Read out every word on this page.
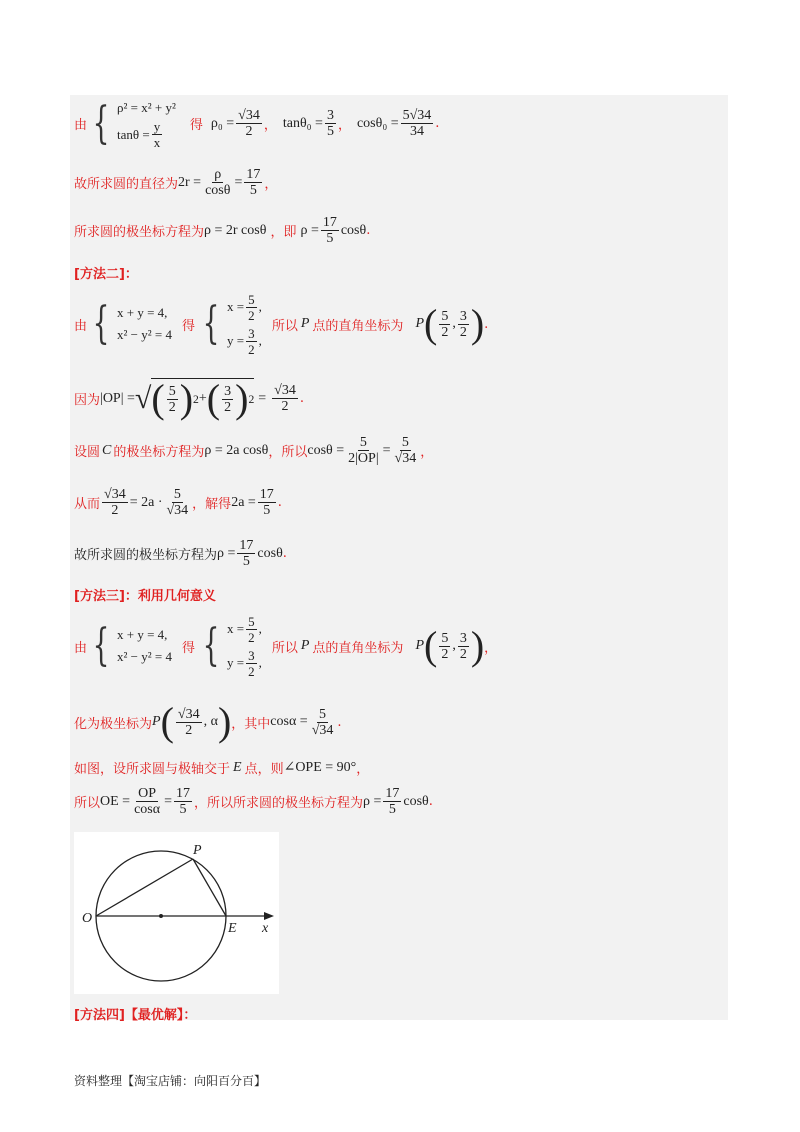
由 { ρ² = x² + y²
$\tan\theta = \frac{y}{x}$ 得 $\rho_0 = \frac{√34}{2}$ ， $\tan\theta_0 = \frac{3}{5}$ ， $\cos\theta_0 = \frac{5√34}{34}$ .
故所求圆的直径为 $2r = \frac{\rho}{\cos\theta} = \frac{17}{5}$ ，
所求圆的极坐标方程为 ρ = 2r cosθ ，即 $\rho = \frac{17}{5}$ cosθ .
[方法二]：
由 { x + y = 4,
x² − y² = 4
得 { $x = \frac{5}{2}$ ,
$y = \frac{3}{2}$ ,
所以 P 点的直角坐标为 P ( $\frac{5}{2}$ , $\frac{3}{2}$ ) .
因为 |OP| = √ ( $\frac{5}{2}$ ) 2 + ( $\frac{3}{2}$ ) $2 = \frac{√34}{2}$ .
设圆 C 的极坐标方程为 ρ = 2a cosθ ，所以 $\cos\theta = \frac{5}{2|OP|} = \frac{5}{√34}$ ，
从而 $\frac{√34}{2} = 2a \cdot \frac{5}{√34}$ ，解得 $2a = \frac{17}{5}$ .
故所求圆的极坐标方程为 $\rho = \frac{17}{5}$ cosθ .
[方法三]：利用几何意义
由 { x + y = 4,
x² − y² = 4
得 { $x = \frac{5}{2}$ ,
$y = \frac{3}{2}$ ,
所以 P 点的直角坐标为 P ( $\frac{5}{2}$ , $\frac{3}{2}$ ) ，
化为极坐标为 P ( $\frac{√34}{2}$ , α ) ，其中 $\cos\alpha = \frac{5}{√34}$ .
如图，设所求圆与极轴交于 E 点，则 ∠OPE = 90° ，
所以 OE = $\frac{OP}{\cos\alpha} = \frac{17}{5}$ ，所以所求圆的极坐标方程为 $\rho = \frac{17}{5}$ cosθ .
P
O
E x
[方法四]【最优解】：
资料整理【淘宝店铺：向阳百分百】
